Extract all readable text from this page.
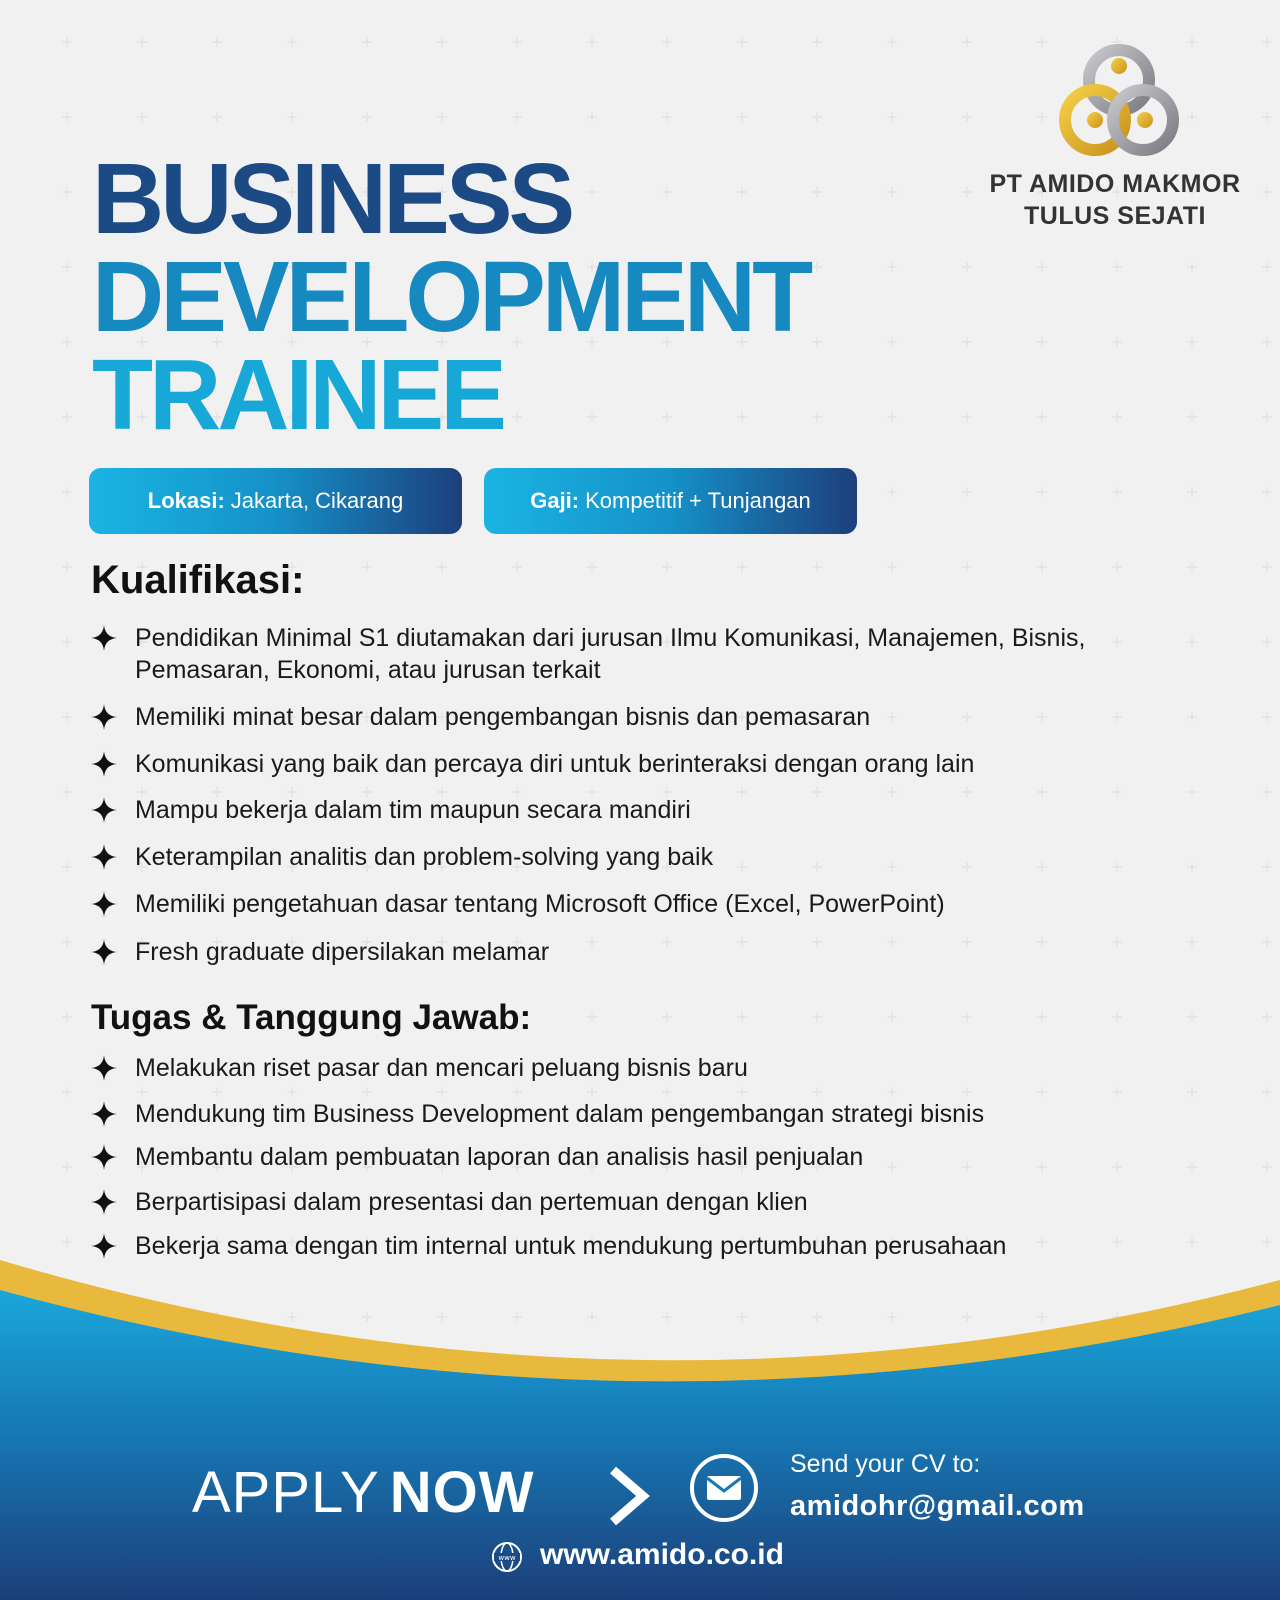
PT AMIDO MAKMOR
TULUS SEJATI
BUSINESS
DEVELOPMENT
TRAINEE
Lokasi: Jakarta, Cikarang	Gaji: Kompetitif + Tunjangan
Kualifikasi:
Pendidikan Minimal S1 diutamakan dari jurusan Ilmu Komunikasi, Manajemen, Bisnis, Pemasaran, Ekonomi, atau jurusan terkait
Memiliki minat besar dalam pengembangan bisnis dan pemasaran
Komunikasi yang baik dan percaya diri untuk berinteraksi dengan orang lain
Mampu bekerja dalam tim maupun secara mandiri
Keterampilan analitis dan problem-solving yang baik
Memiliki pengetahuan dasar tentang Microsoft Office (Excel, PowerPoint)
Fresh graduate dipersilakan melamar
Tugas & Tanggung Jawab:
Melakukan riset pasar dan mencari peluang bisnis baru
Mendukung tim Business Development dalam pengembangan strategi bisnis
Membantu dalam pembuatan laporan dan analisis hasil penjualan
Berpartisipasi dalam presentasi dan pertemuan dengan klien
Bekerja sama dengan tim internal untuk mendukung pertumbuhan perusahaan
APPLY NOW	Send your CV to:
amidohr@gmail.com
www www.amido.co.id
